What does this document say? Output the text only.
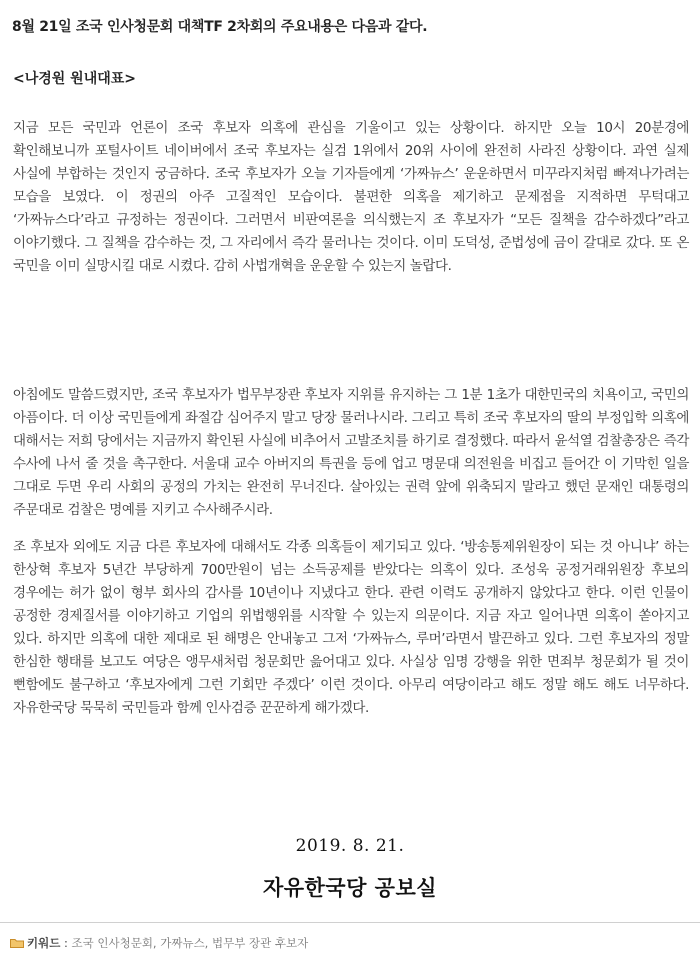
8월 21일 조국 인사청문회 대책TF 2차회의 주요내용은 다음과 같다.
<나경원 원내대표>
지금 모든 국민과 언론이 조국 후보자 의혹에 관심을 기울이고 있는 상황이다. 하지만 오늘 10시 20분경에 확인해보니까 포털사이트 네이버에서 조국 후보자는 실검 1위에서 20위 사이에 완전히 사라진 상황이다. 과연 실제 사실에 부합하는 것인지 궁금하다. 조국 후보자가 오늘 기자들에게 ‘가짜뉴스’ 운운하면서 미꾸라지처럼 빠져나가려는 모습을 보였다. 이 정권의 아주 고질적인 모습이다. 불편한 의혹을 제기하고 문제점을 지적하면 무턱대고 ‘가짜뉴스다’라고 규정하는 정권이다. 그러면서 비판여론을 의식했는지 조 후보자가 “모든 질책을 감수하겠다”라고 이야기했다. 그 질책을 감수하는 것, 그 자리에서 즉각 물러나는 것이다. 이미 도덕성, 준법성에 금이 갈대로 갔다. 또 온 국민을 이미 실망시킬 대로 시켰다. 감히 사법개혁을 운운할 수 있는지 놀랍다.
아침에도 말씀드렸지만, 조국 후보자가 법무부장관 후보자 지위를 유지하는 그 1분 1초가 대한민국의 치욕이고, 국민의 아픔이다. 더 이상 국민들에게 좌절감 심어주지 말고 당장 물러나시라. 그리고 특히 조국 후보자의 딸의 부정입학 의혹에 대해서는 저희 당에서는 지금까지 확인된 사실에 비추어서 고발조치를 하기로 결정했다. 따라서 윤석열 검찰총장은 즉각 수사에 나서 줄 것을 촉구한다. 서울대 교수 아버지의 특권을 등에 업고 명문대 의전원을 비집고 들어간 이 기막힌 일을 그대로 두면 우리 사회의 공정의 가치는 완전히 무너진다. 살아있는 권력 앞에 위축되지 말라고 했던 문재인 대통령의 주문대로 검찰은 명예를 지키고 수사해주시라.
조 후보자 외에도 지금 다른 후보자에 대해서도 각종 의혹들이 제기되고 있다. ‘방송통제위원장이 되는 것 아니냐’ 하는 한상혁 후보자 5년간 부당하게 700만원이 넘는 소득공제를 받았다는 의혹이 있다. 조성욱 공정거래위원장 후보의 경우에는 허가 없이 형부 회사의 감사를 10년이나 지냈다고 한다. 관련 이력도 공개하지 않았다고 한다. 이런 인물이 공정한 경제질서를 이야기하고 기업의 위법행위를 시작할 수 있는지 의문이다. 지금 자고 일어나면 의혹이 쏟아지고 있다. 하지만 의혹에 대한 제대로 된 해명은 안내놓고 그저 ‘가짜뉴스, 루머’라면서 발끈하고 있다. 그런 후보자의 정말 한심한 행태를 보고도 여당은 앵무새처럼 청문회만 읊어대고 있다. 사실상 임명 강행을 위한 면죄부 청문회가 될 것이 뻔함에도 불구하고 ‘후보자에게 그런 기회만 주겠다’ 이런 것이다. 아무리 여당이라고 해도 정말 해도 해도 너무하다. 자유한국당 묵묵히 국민들과 함께 인사검증 꾼꾼하게 해가겠다.
2019. 8. 21.
자유한국당 공보실
키워드 : 조국 인사청문회, 가짜뉴스, 법무부 장관 후보자
